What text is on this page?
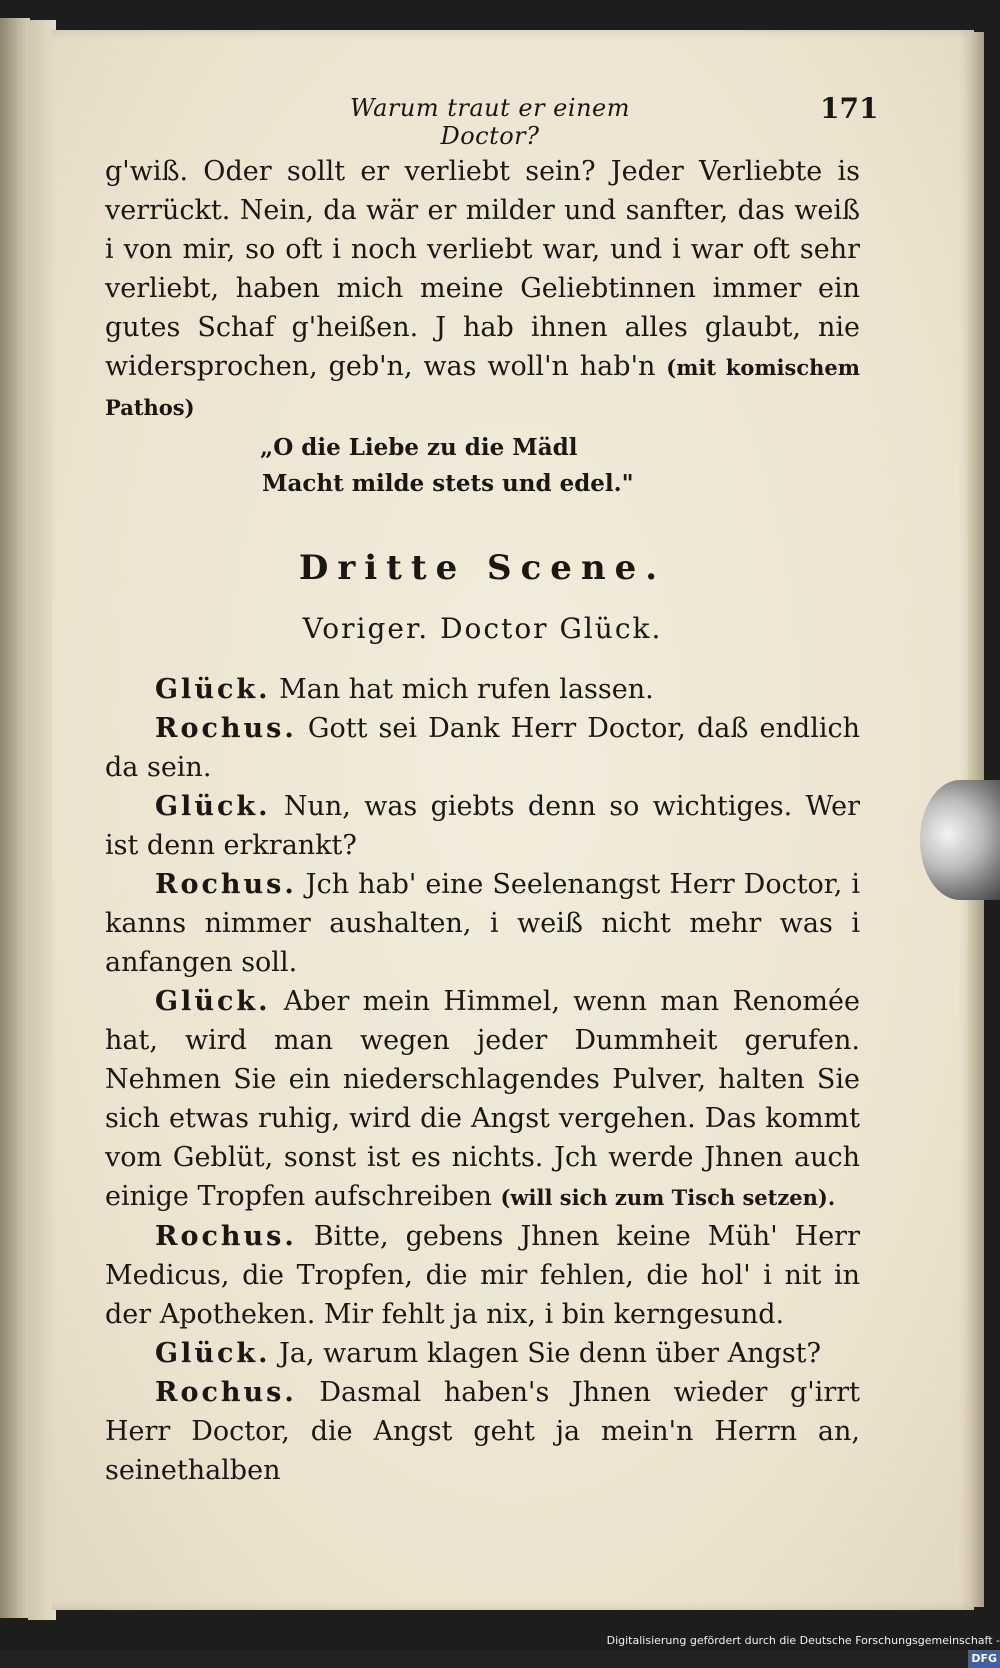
Warum traut er einem Doctor?
171

g'wiß. Oder sollt er verliebt sein? Jeder Verliebte is verrückt. Nein, da wär er milder und sanfter, das weiß i von mir, so oft i noch verliebt war, und i war oft sehr verliebt, haben mich meine Geliebtinnen immer ein gutes Schaf g'heißen. J hab ihnen alles glaubt, nie widersprochen, geb'n, was woll'n hab'n (mit komischem Pathos)

„O die Liebe zu die Mädl
Macht milde stets und edel."
Dritte Scene.
Voriger. Doctor Glück.

Glück. Man hat mich rufen lassen.

Rochus. Gott sei Dank Herr Doctor, daß endlich da sein.

Glück. Nun, was giebts denn so wichtiges. Wer ist denn erkrankt?

Rochus. Jch hab' eine Seelenangst Herr Doctor, i kanns nimmer aushalten, i weiß nicht mehr was i anfangen soll.

Glück. Aber mein Himmel, wenn man Renomée hat, wird man wegen jeder Dummheit gerufen. Nehmen Sie ein niederschlagendes Pulver, halten Sie sich etwas ruhig, wird die Angst vergehen. Das kommt vom Geblüt, sonst ist es nichts. Jch werde Jhnen auch einige Tropfen aufschreiben (will sich zum Tisch setzen).

Rochus. Bitte, gebens Jhnen keine Müh' Herr Medicus, die Tropfen, die mir fehlen, die hol' i nit in der Apotheken. Mir fehlt ja nix, i bin kerngesund.

Glück. Ja, warum klagen Sie denn über Angst?

Rochus. Dasmal haben's Jhnen wieder g'irrt Herr Doctor, die Angst geht ja mein'n Herrn an, seinethalben

Digitalisierung gefördert durch die Deutsche Forschungsgemeinschaft -DFG
